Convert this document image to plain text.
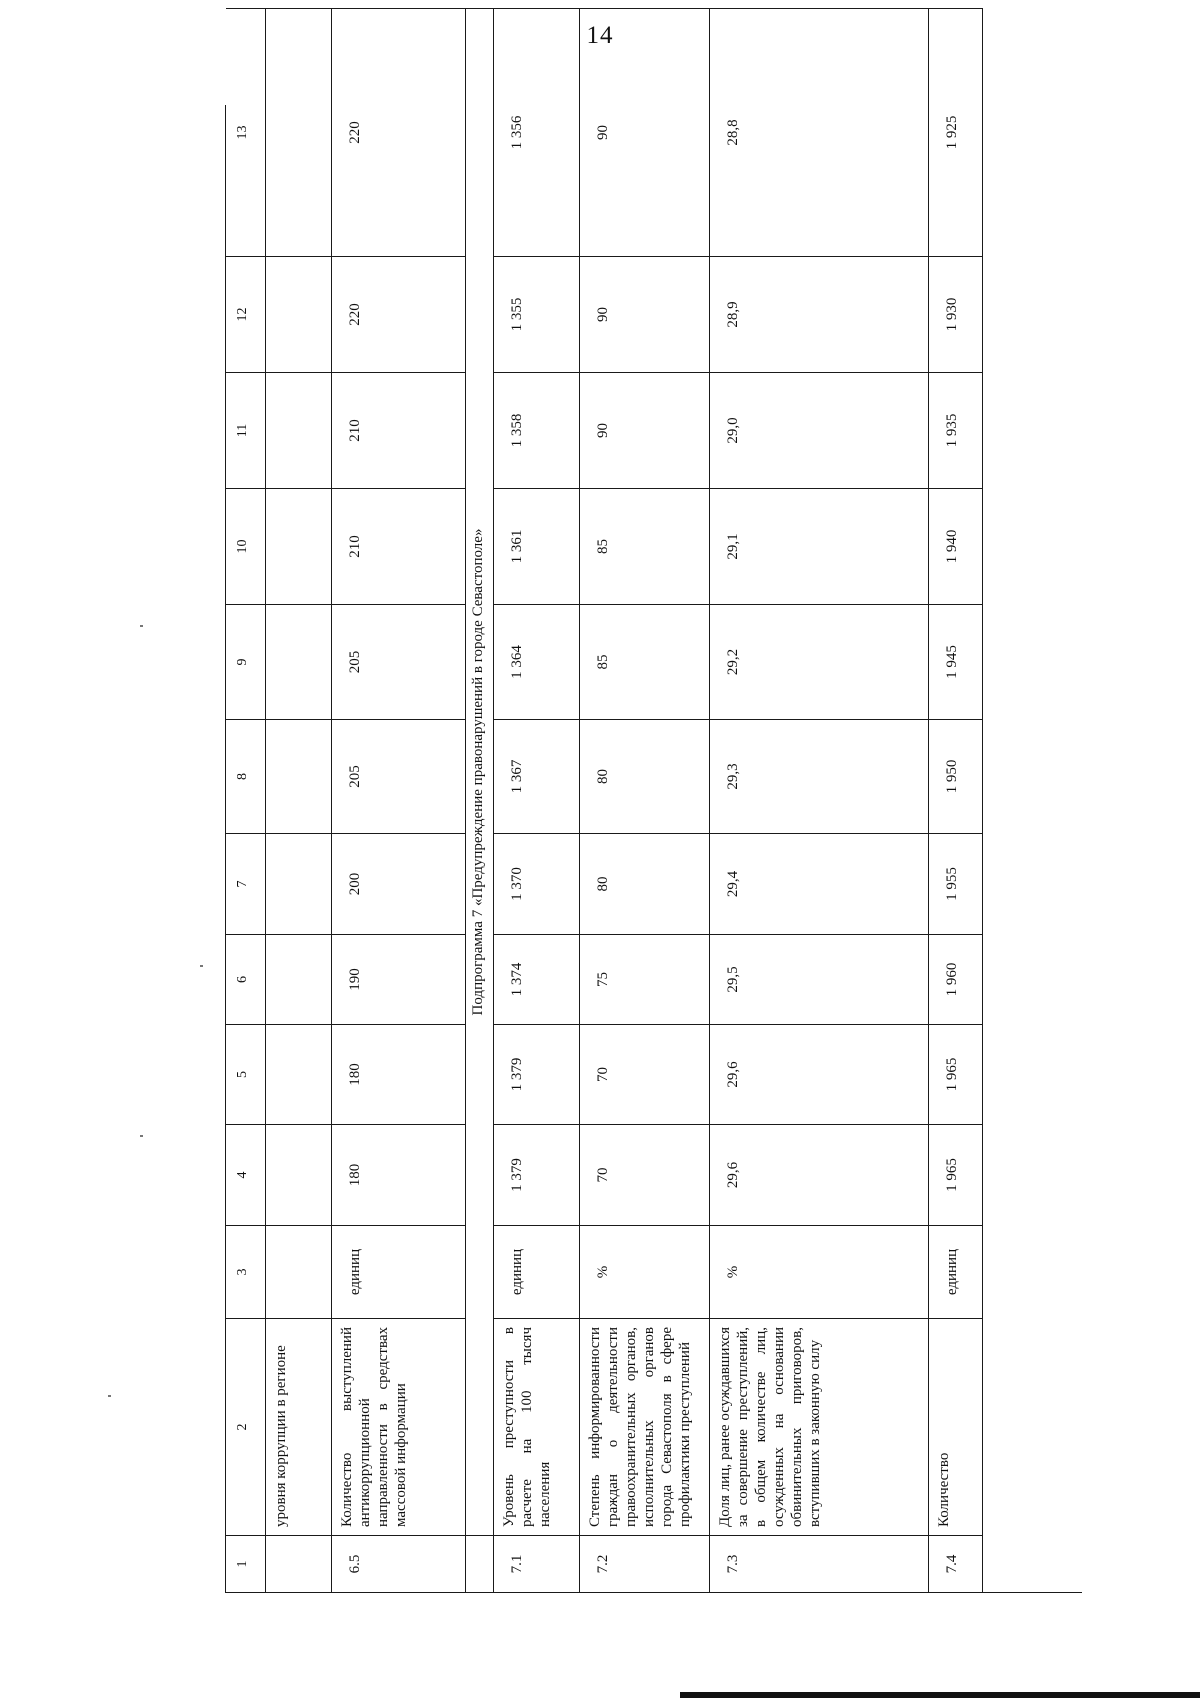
14
1
2
3
4
5
6
7
8
9
10
11
12
13
уровня коррупции в регионе
6.5
Количество выступлений антикоррупционной направленности в средствах массовой информации
единиц
180
180
190
200
205
205
210
210
220
220
Подпрограмма 7 «Предупреждение правонарушений в городе Севастополе»
7.1
Уровень преступности в расчете на 100 тысяч населения
единиц
1 379
1 379
1 374
1 370
1 367
1 364
1 361
1 358
1 355
1 356
7.2
Степень информированности граждан о деятельности правоохранительных органов, исполнительных органов города Севастополя в сфере профилактики преступлений
%
70
70
75
80
80
85
85
90
90
90
7.3
Доля лиц, ранее осуждавшихся за совершение преступлений, в общем количестве лиц, осужденных на основании обвинительных приговоров, вступивших в законную силу
%
29,6
29,6
29,5
29,4
29,3
29,2
29,1
29,0
28,9
28,8
7.4
Количество
единиц
1 965
1 965
1 960
1 955
1 950
1 945
1 940
1 935
1 930
1 925
